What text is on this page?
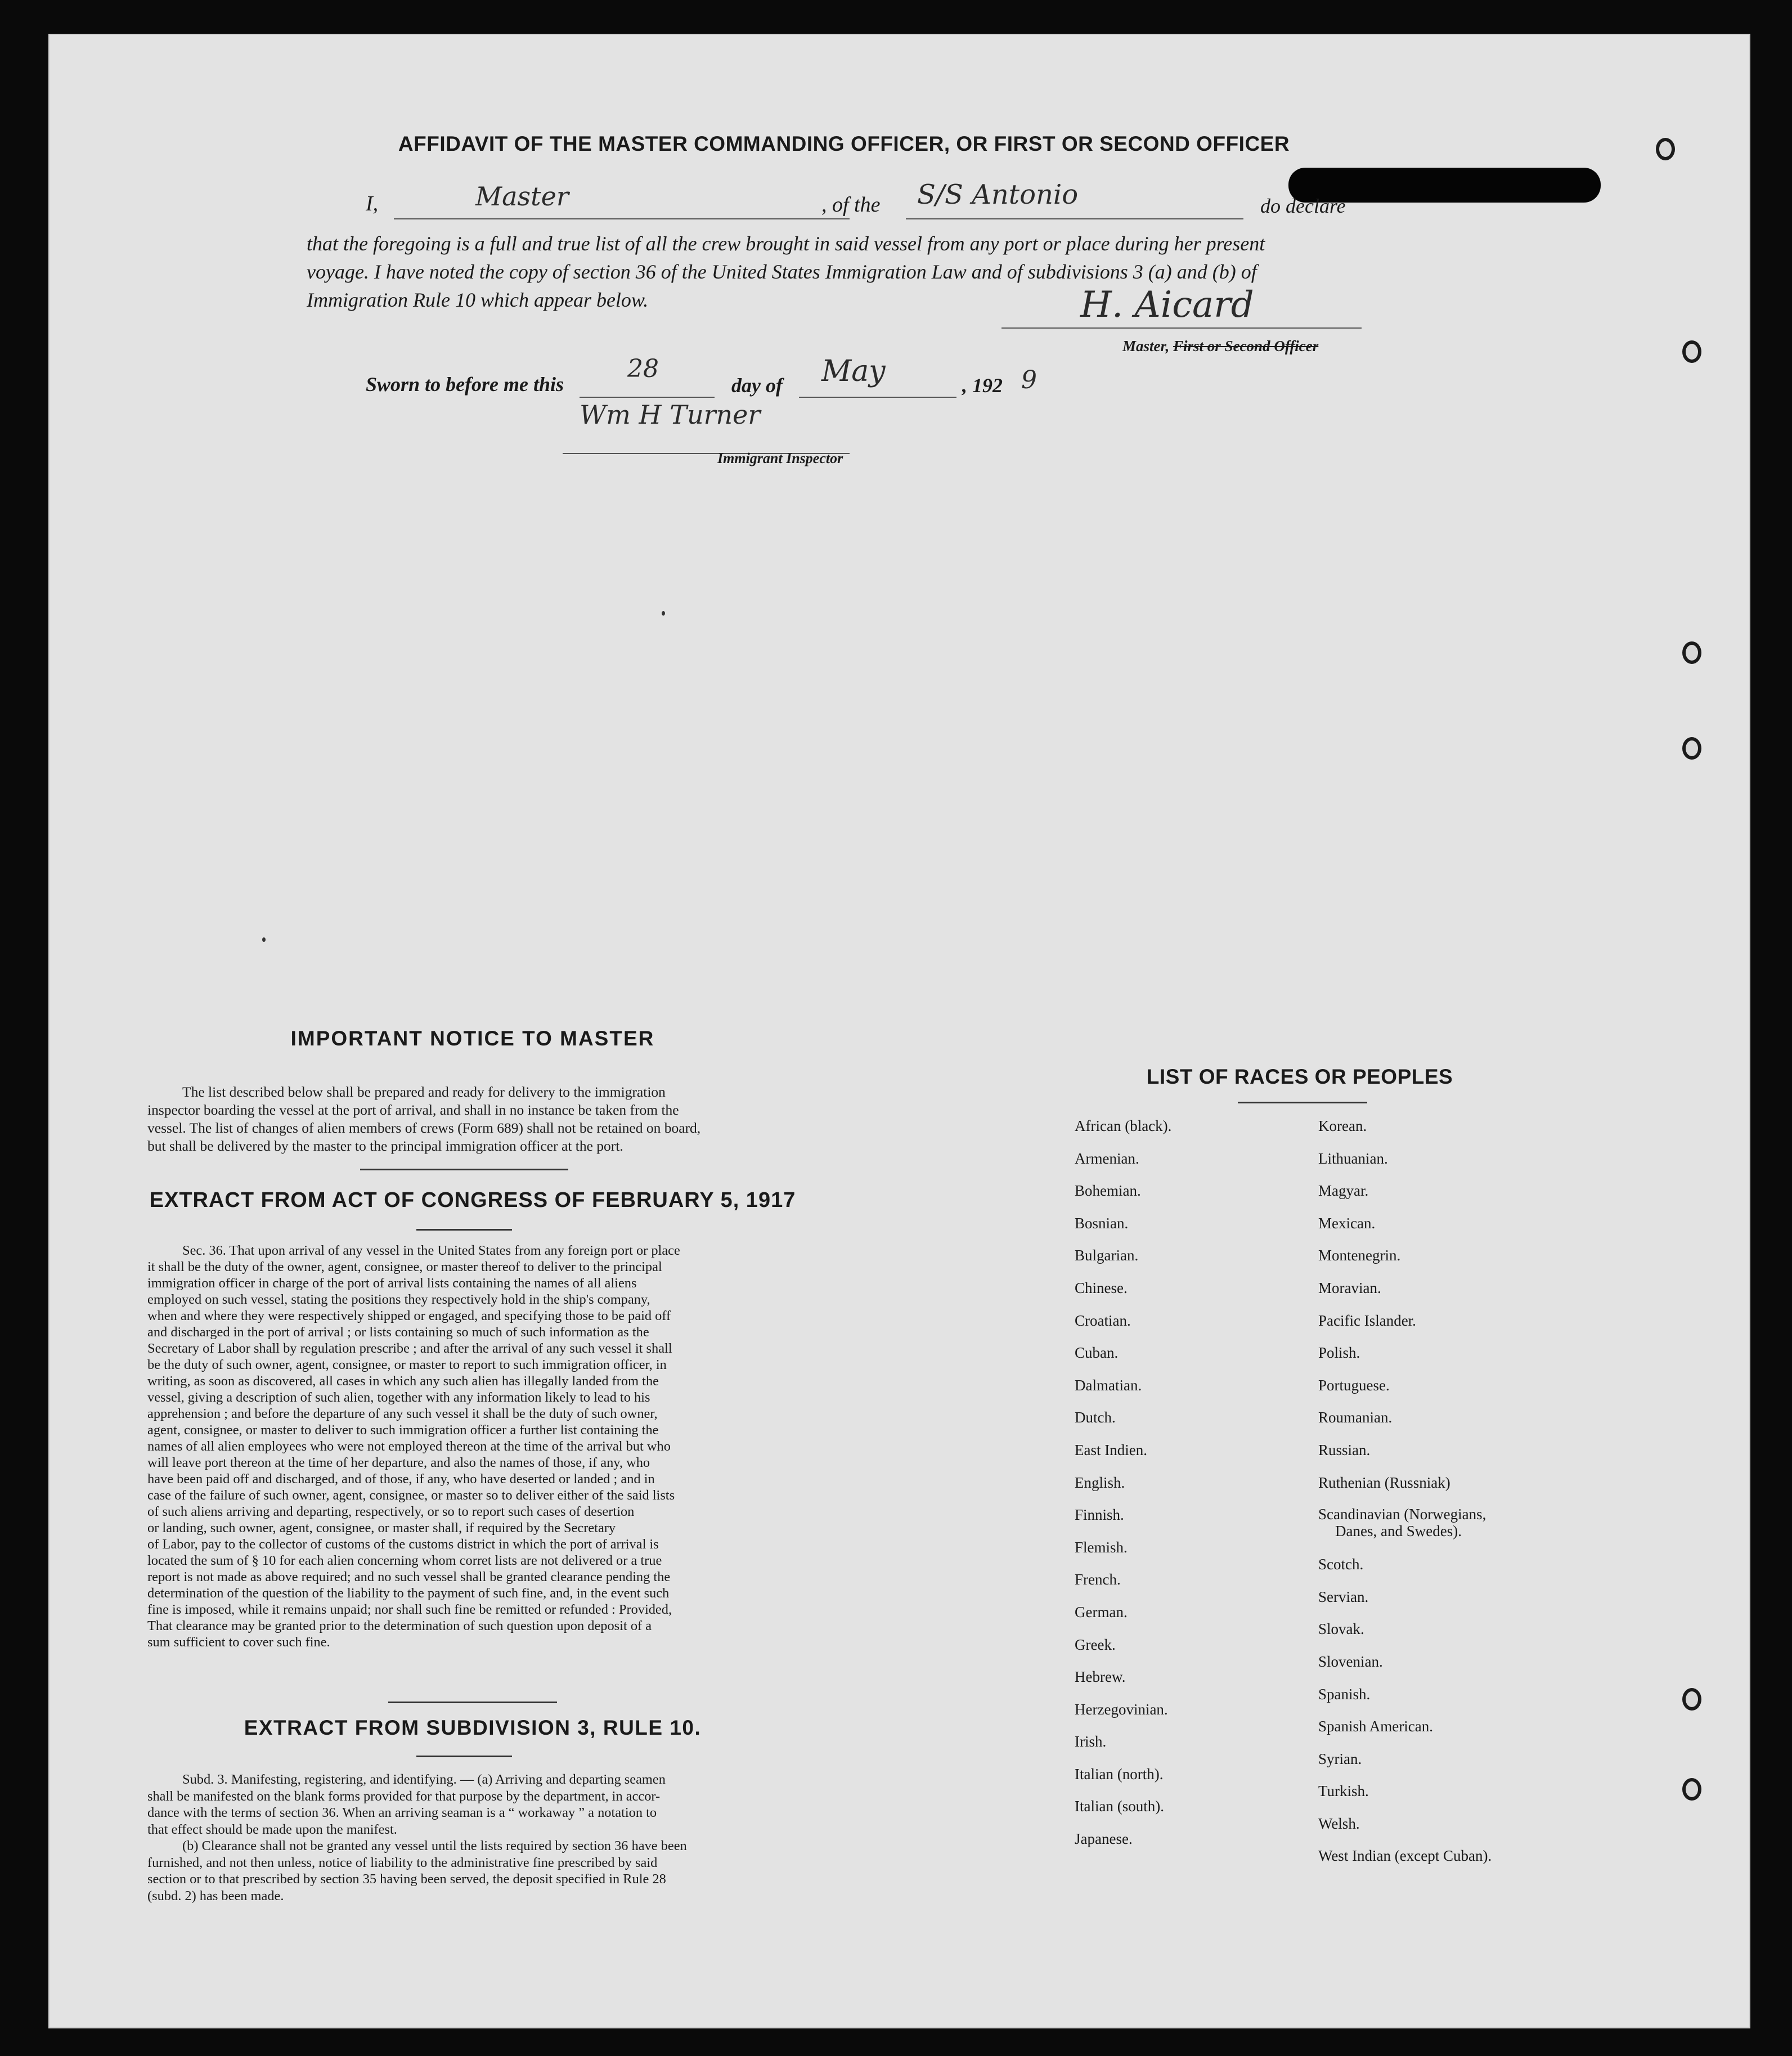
AFFIDAVIT OF THE MASTER COMMANDING OFFICER, OR FIRST OR SECOND OFFICER
I,	Master	, of the S/S Antonio	do declare
that the foregoing is a full and true list of all the crew brought in said vessel from any port or place during her present
voyage. I have noted the copy of section 36 of the United States Immigration Law and of subdivisions 3 (a) and (b) of
Immigration Rule 10 which appear below.	H. Aicard
Master, First or Second Officer
Sworn to before me this
28
day of May	, 192 9
Wm H Turner
Immigrant Inspector
IMPORTANT NOTICE TO MASTER
The list described below shall be prepared and ready for delivery to the immigration
inspector boarding the vessel at the port of arrival, and shall in no instance be taken from the
vessel. The list of changes of alien members of crews (Form 689) shall not be retained on board,
but shall be delivered by the master to the principal immigration officer at the port.
EXTRACT FROM ACT OF CONGRESS OF FEBRUARY 5, 1917
Sec. 36. That upon arrival of any vessel in the United States from any foreign port or place
it shall be the duty of the owner, agent, consignee, or master thereof to deliver to the principal
immigration officer in charge of the port of arrival lists containing the names of all aliens
employed on such vessel, stating the positions they respectively hold in the ship's company,
when and where they were respectively shipped or engaged, and specifying those to be paid off
and discharged in the port of arrival ; or lists containing so much of such information as the
Secretary of Labor shall by regulation prescribe ; and after the arrival of any such vessel it shall
be the duty of such owner, agent, consignee, or master to report to such immigration officer, in
writing, as soon as discovered, all cases in which any such alien has illegally landed from the
vessel, giving a description of such alien, together with any information likely to lead to his
apprehension ; and before the departure of any such vessel it shall be the duty of such owner,
agent, consignee, or master to deliver to such immigration officer a further list containing the
names of all alien employees who were not employed thereon at the time of the arrival but who
will leave port thereon at the time of her departure, and also the names of those, if any, who
have been paid off and discharged, and of those, if any, who have deserted or landed ; and in
case of the failure of such owner, agent, consignee, or master so to deliver either of the said lists
of such aliens arriving and departing, respectively, or so to report such cases of desertion
or landing, such owner, agent, consignee, or master shall, if required by the Secretary
of Labor, pay to the collector of customs of the customs district in which the port of arrival is
located the sum of § 10 for each alien concerning whom corret lists are not delivered or a true
report is not made as above required; and no such vessel shall be granted clearance pending the
determination of the question of the liability to the payment of such fine, and, in the event such
fine is imposed, while it remains unpaid; nor shall such fine be remitted or refunded : Provided,
That clearance may be granted prior to the determination of such question upon deposit of a
sum sufficient to cover such fine.
EXTRACT FROM SUBDIVISION 3, RULE 10.
Subd. 3. Manifesting, registering, and identifying. — (a) Arriving and departing seamen
shall be manifested on the blank forms provided for that purpose by the department, in accor-
dance with the terms of section 36. When an arriving seaman is a “ workaway ” a notation to
that effect should be made upon the manifest.
(b) Clearance shall not be granted any vessel until the lists required by section 36 have been
furnished, and not then unless, notice of liability to the administrative fine prescribed by said
section or to that prescribed by section 35 having been served, the deposit specified in Rule 28
(subd. 2) has been made.
LIST OF RACES OR PEOPLES
African (black).
Armenian.
Bohemian.
Bosnian.
Bulgarian.
Chinese.
Croatian.
Cuban.
Dalmatian.
Dutch.
East Indien.
English.
Finnish.
Flemish.
French.
German.
Greek.
Hebrew.
Herzegovinian.
Irish.
Italian (north).
Italian (south).
Japanese.
Korean.
Lithuanian.
Magyar.
Mexican.
Montenegrin.
Moravian.
Pacific Islander.
Polish.
Portuguese.
Roumanian.
Russian.
Ruthenian (Russniak)
Scandinavian (Norwegians,
Danes, and Swedes).
Scotch.
Servian.
Slovak.
Slovenian.
Spanish.
Spanish American.
Syrian.
Turkish.
Welsh.
West Indian (except Cuban).
